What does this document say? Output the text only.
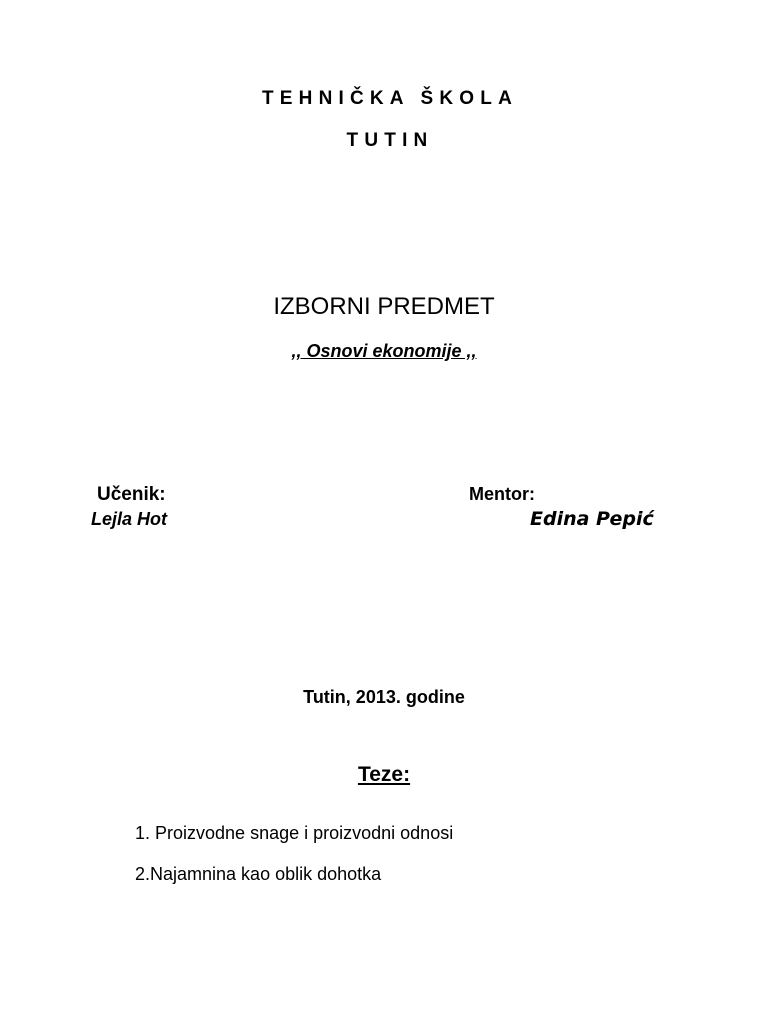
TEHNIČKA ŠKOLA
TUTIN
IZBORNI PREDMET
,, Osnovi ekonomije ,,
Učenik:
Lejla Hot
Mentor:
Edina Pepić
Tutin, 2013. godine
Teze:
1. Proizvodne snage i proizvodni odnosi
2.Najamnina kao oblik dohotka
